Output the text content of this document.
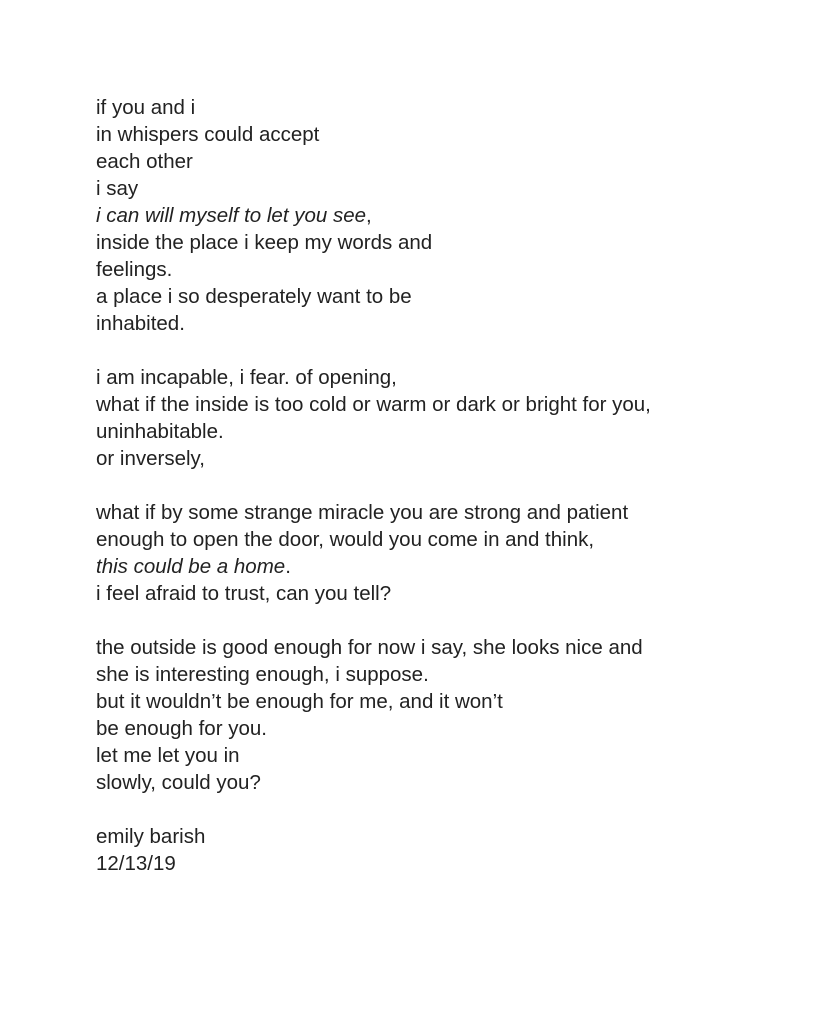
if you and i
in whispers could accept
each other
i say
i can will myself to let you see,
inside the place i keep my words and
feelings.
a place i so desperately want to be
inhabited.
i am incapable, i fear. of opening,
what if the inside is too cold or warm or dark or bright for you,
uninhabitable.
or inversely,
what if by some strange miracle you are strong and patient
enough to open the door, would you come in and think,
this could be a home.
i feel afraid to trust, can you tell?
the outside is good enough for now i say, she looks nice and
she is interesting enough, i suppose.
but it wouldn’t be enough for me, and it won’t
be enough for you.
let me let you in
slowly, could you?
emily barish
12/13/19
